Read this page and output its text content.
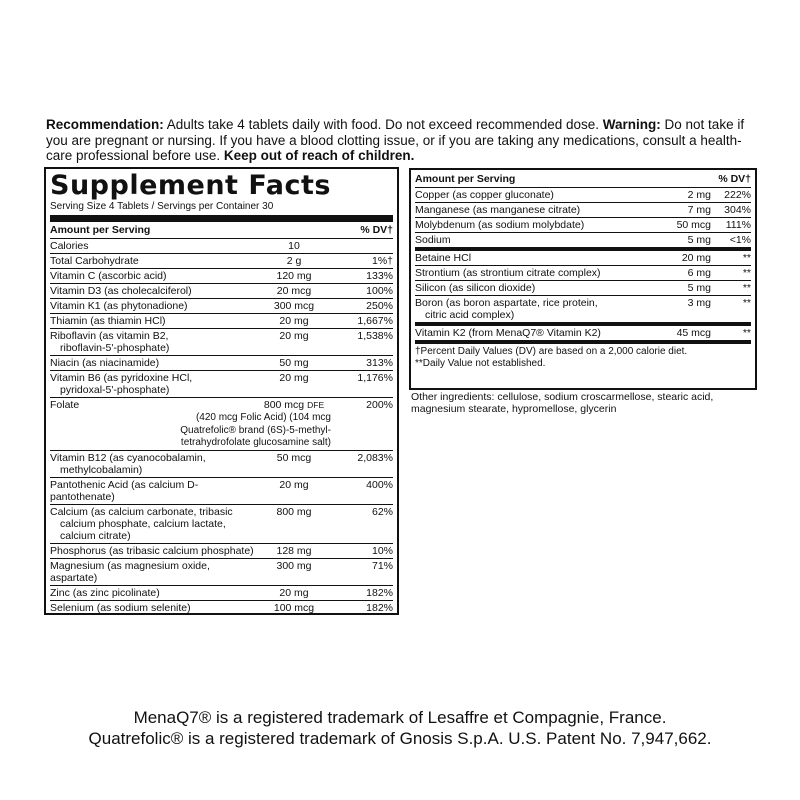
Recommendation: Adults take 4 tablets daily with food. Do not exceed recommended dose. Warning: Do not take if you are pregnant or nursing. If you have a blood clotting issue, or if you are taking any medications, consult a health-care professional before use. Keep out of reach of children.
Supplement Facts
Serving Size 4 Tablets / Servings per Container 30
Amount per Serving	% DV†
Calories	10
Total Carbohydrate	2 g	1%†
Vitamin C (ascorbic acid)	120 mg	133%
Vitamin D3 (as cholecalciferol)	20 mcg	100%
Vitamin K1 (as phytonadione)	300 mcg	250%
Thiamin (as thiamin HCl)	20 mg	1,667%
Riboflavin (as vitamin B2,
riboflavin-5'-phosphate)
20 mg	1,538%
Niacin (as niacinamide)	50 mg	313%
Vitamin B6 (as pyridoxine HCl,
pyridoxal-5'-phosphate)
20 mg	1,176%
Folate	800 mcg DFE	200%
(420 mcg Folic Acid) (104 mcg
Quatrefolic® brand (6S)-5-methyl-
tetrahydrofolate glucosamine salt)
Vitamin B12 (as cyanocobalamin,
methylcobalamin)
50 mcg	2,083%
Pantothenic Acid (as calcium D-pantothenate)
20 mg	400%
Calcium (as calcium carbonate, tribasic
calcium phosphate, calcium lactate,
calcium citrate)
800 mg	62%
Phosphorus (as tribasic calcium phosphate)	128 mg	10%
Magnesium (as magnesium oxide, aspartate)
300 mg	71%
Zinc (as zinc picolinate)	20 mg	182%
Selenium (as sodium selenite)	100 mcg	182%
Amount per Serving	% DV†
Copper (as copper gluconate)	2 mg	222%
Manganese (as manganese citrate)	7 mg	304%
Molybdenum (as sodium molybdate)	50 mcg	111%
Sodium	5 mg	<1%
Betaine HCl	20 mg	**
Strontium (as strontium citrate complex)	6 mg	**
Silicon (as silicon dioxide)	5 mg	**
Boron (as boron aspartate, rice protein,
citric acid complex)
3 mg	**
Vitamin K2 (from MenaQ7® Vitamin K2)	45 mcg	**
†Percent Daily Values (DV) are based on a 2,000 calorie diet.
**Daily Value not established.
Other ingredients: cellulose, sodium croscarmellose, stearic acid, magnesium stearate, hypromellose, glycerin
MenaQ7® is a registered trademark of Lesaffre et Compagnie, France.
Quatrefolic® is a registered trademark of Gnosis S.p.A. U.S. Patent No. 7,947,662.
